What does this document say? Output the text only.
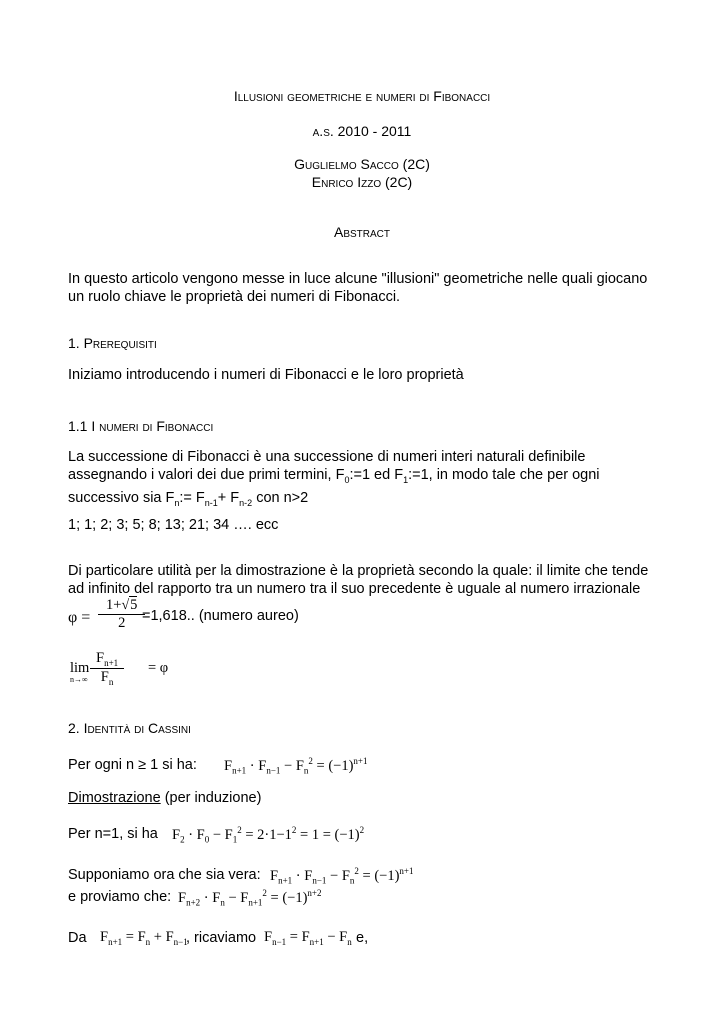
Illusioni geometriche e numeri di Fibonacci
a.s. 2010 - 2011
Guglielmo Sacco (2C)
Enrico Izzo (2C)
Abstract
In questo articolo vengono messe in luce alcune "illusioni" geometriche nelle quali giocano
un ruolo chiave le proprietà dei numeri di Fibonacci.
1. Prerequisiti
Iniziamo introducendo i numeri di Fibonacci e le loro proprietà
1.1 I numeri di Fibonacci
La successione di Fibonacci è una successione di numeri interi naturali definibile
assegnando i valori dei due primi termini, $F_0:=1$ ed $F_1:=1$, in modo tale che per ogni
successivo sia $F_n:= F_{n-1}+ F_{n-2}$ con n>2
1; 1; 2; 3; 5; 8; 13; 21; 34 …. ecc
Di particolare utilità per la dimostrazione è la proprietà secondo la quale: il limite che tende
ad infinito del rapporto tra un numero tra il suo precedente è uguale al numero irrazionale
$\varphi = \frac{1+√5}{2}$
=1,618.. (numero aureo)
lim
$n\to\infty \frac{F_{n+1}}{F_n} = \varphi$
2. Identità di Cassini
Per ogni n ≥ 1 si ha: $F_{n+1} \cdot F_{n-1} - F_n^2 = (-1)^{n+1}$
Dimostrazione (per induzione)
Per n=1, si ha $F_2 \cdot F_0 - F_1^2 = 2\cdot 1-1^2 = 1 = (-1)^2$
Supponiamo ora che sia vera: $F_{n+1} \cdot F_{n-1} - F_n^2 = (-1)^{n+1}$
e proviamo che: $F_{n+2} \cdot F_n - F_{n+1}^2 = (-1)^{n+2}$
Da $F_{n+1} = F_n + F_{n-1}$
, ricaviamo $F_{n-1} = F_{n+1} - F_n$ e,
